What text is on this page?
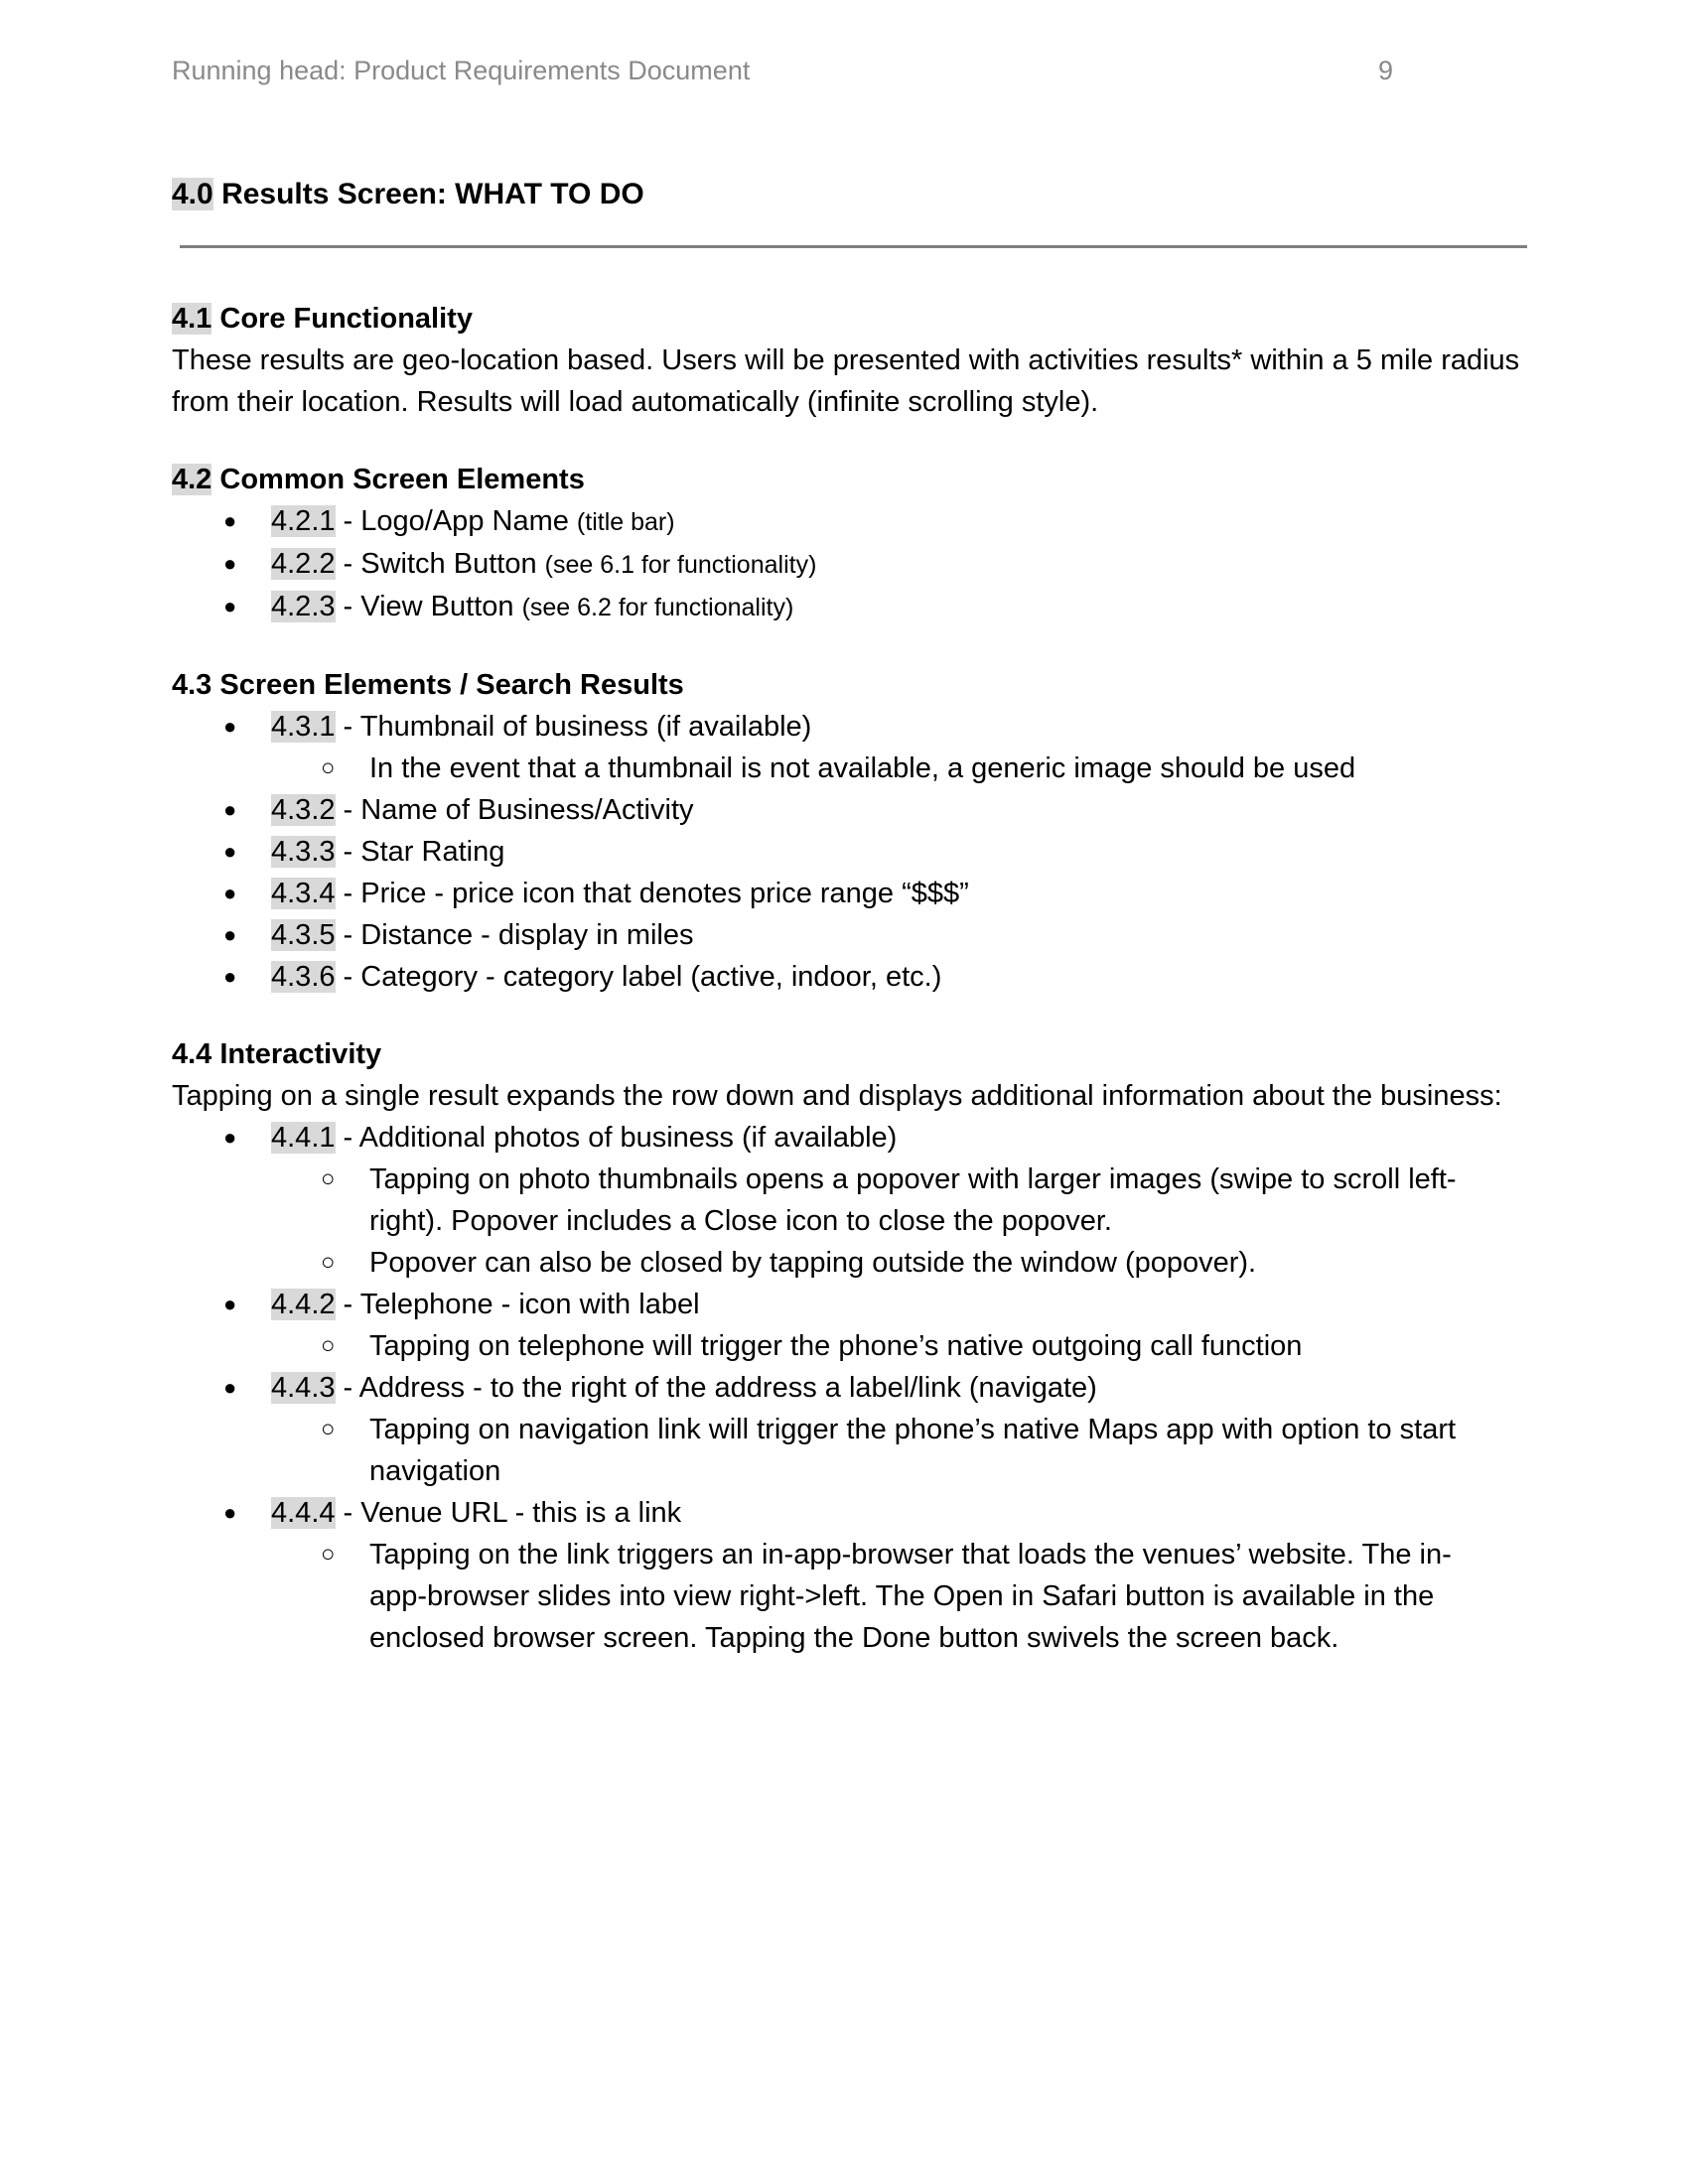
Running head: Product Requirements Document	9
4.0 Results Screen: WHAT TO DO
4.1 Core Functionality
These results are geo-location based. Users will be presented with activities results* within a 5 mile radius from their location. Results will load automatically (infinite scrolling style).
4.2 Common Screen Elements
● 4.2.1 - Logo/App Name (title bar)
● 4.2.2 - Switch Button (see 6.1 for functionality)
● 4.2.3 - View Button (see 6.2 for functionality)
4.3 Screen Elements / Search Results
● 4.3.1 - Thumbnail of business (if available)
○ In the event that a thumbnail is not available, a generic image should be used
● 4.3.2 - Name of Business/Activity
● 4.3.3 - Star Rating
● 4.3.4 - Price - price icon that denotes price range “$$$”
● 4.3.5 - Distance - display in miles
● 4.3.6 - Category - category label (active, indoor, etc.)
4.4 Interactivity
Tapping on a single result expands the row down and displays additional information about the business:
● 4.4.1 - Additional photos of business (if available)
○ Tapping on photo thumbnails opens a popover with larger images (swipe to scroll left-right). Popover includes a Close icon to close the popover.
○ Popover can also be closed by tapping outside the window (popover).
● 4.4.2 - Telephone - icon with label
○ Tapping on telephone will trigger the phone’s native outgoing call function
● 4.4.3 - Address - to the right of the address a label/link (navigate)
○ Tapping on navigation link will trigger the phone’s native Maps app with option to start navigation
● 4.4.4 - Venue URL - this is a link
○ Tapping on the link triggers an in-app-browser that loads the venues’ website. The in-app-browser slides into view right->left. The Open in Safari button is available in the enclosed browser screen. Tapping the Done button swivels the screen back.
